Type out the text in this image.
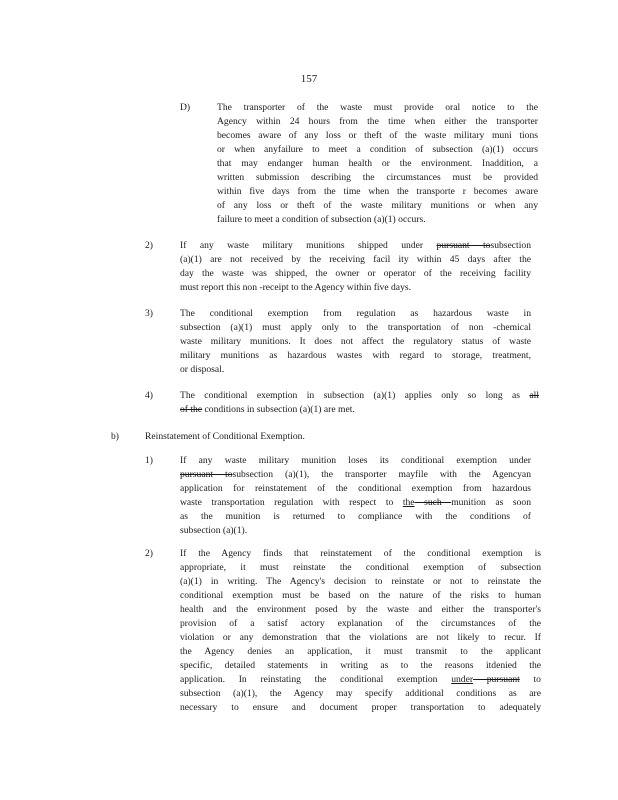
157
D)	The transporter of the waste must provide oral notice to the
Agency within 24 hours from the time when either the transporter
becomes aware of any loss or theft of the waste military muni tions
or when anyfailure to meet a condition of subsection (a)(1) occurs
that may endanger human health or the environment. Inaddition, a
written submission describing the circumstances must be provided
within five days from the time when the transporte r becomes aware
of any loss or theft of the waste military munitions or when any
failure to meet a condition of subsection (a)(1) occurs.
2)	If any waste military munitions shipped under pursuant tosubsection
(a)(1) are not received by the receiving facil ity within 45 days after the
day the waste was shipped, the owner or operator of the receiving facility
must report this non -receipt to the Agency within five days.
3)	The conditional exemption from regulation as hazardous waste in
subsection (a)(1) must apply only to the transportation of non -chemical
waste military munitions. It does not affect the regulatory status of waste
military munitions as hazardous wastes with regard to storage, treatment,
or disposal.
4)	The conditional exemption in subsection (a)(1) applies only so long as all
of the conditions in subsection (a)(1) are met.
b)	Reinstatement of Conditional Exemption.
1)	If any waste military munition loses its conditional exemption under
pursuant tosubsection (a)(1), the transporter mayfile with the Agencyan
application for reinstatement of the conditional exemption from hazardous
waste transportation regulation with respect to the such munition as soon
as the munition is returned to compliance with the conditions of
subsection (a)(1).
2)	If the Agency finds that reinstatement of the conditional exemption is
appropriate, it must reinstate the conditional exemption of subsection
(a)(1) in writing. The Agency's decision to reinstate or not to reinstate the
conditional exemption must be based on the nature of the risks to human
health and the environment posed by the waste and either the transporter's
provision of a satisf actory explanation of the circumstances of the
violation or any demonstration that the violations are not likely to recur. If
the Agency denies an application, it must transmit to the applicant
specific, detailed statements in writing as to the reasons itdenied the
application. In reinstating the conditional exemption under pursuant to
subsection (a)(1), the Agency may specify additional conditions as are
necessary to ensure and document proper transportation to adequately
